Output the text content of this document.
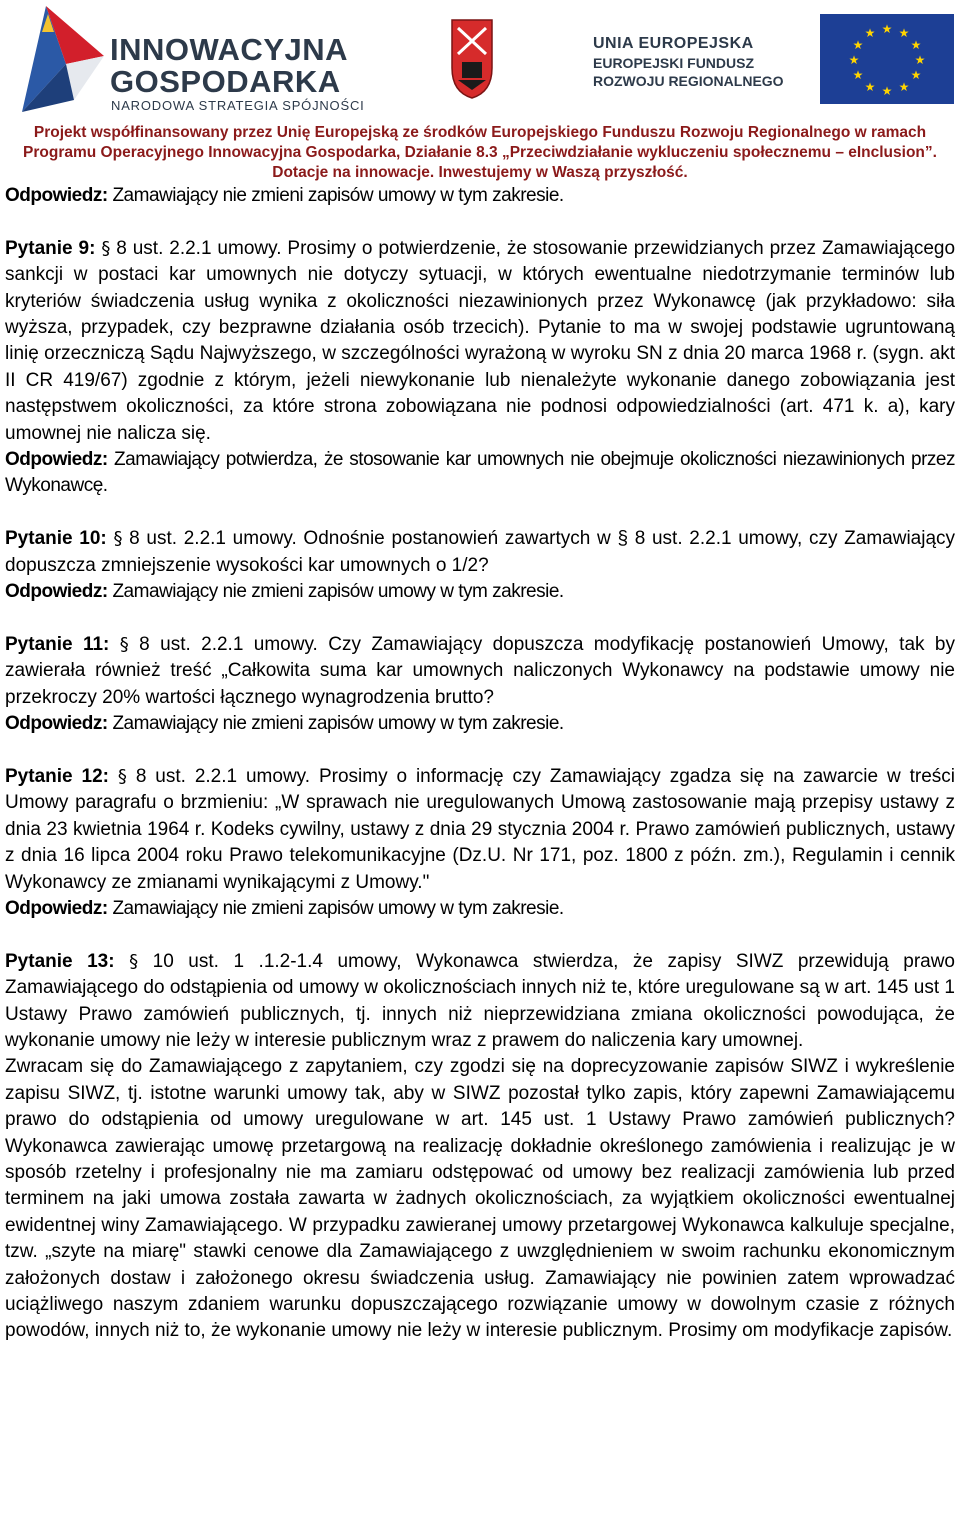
INNOWACYJNA
GOSPODARKA
NARODOWA STRATEGIA SPÓJNOŚCI
UNIA EUROPEJSKA
EUROPEJSKI FUNDUSZ
ROZWOJU REGIONALNEGO
★ ★
★
★
★
★
★
★
★
★
★
★
Projekt współfinansowany przez Unię Europejską ze środków Europejskiego Funduszu Rozwoju Regionalnego w ramach
Programu Operacyjnego Innowacyjna Gospodarka, Działanie 8.3 „Przeciwdziałanie wykluczeniu społecznemu – eInclusion”.
Dotacje na innowacje. Inwestujemy w Waszą przyszłość.

Odpowiedz: Zamawiający nie zmieni zapisów umowy w tym zakresie.

Pytanie 9: § 8 ust. 2.2.1 umowy. Prosimy o potwierdzenie, że stosowanie przewidzianych przez Zamawiającego sankcji w postaci kar umownych nie dotyczy sytuacji, w których ewentualne niedotrzymanie terminów lub kryteriów świadczenia usług wynika z okoliczności niezawinionych przez Wykonawcę (jak przykładowo: siła wyższa, przypadek, czy bezprawne działania osób trzecich). Pytanie to ma w swojej podstawie ugruntowaną linię orzeczniczą Sądu Najwyższego, w szczególności wyrażoną w wyroku SN z dnia 20 marca 1968 r. (sygn. akt II CR 419/67) zgodnie z którym, jeżeli niewykonanie lub nienależyte wykonanie danego zobowiązania jest następstwem okoliczności, za które strona zobowiązana nie podnosi odpowiedzialności (art. 471 k. a), kary umownej nie nalicza się.

Odpowiedz: Zamawiający potwierdza, że stosowanie kar umownych nie obejmuje okoliczności niezawinionych przez Wykonawcę.

Pytanie 10: § 8 ust. 2.2.1 umowy. Odnośnie postanowień zawartych w § 8 ust. 2.2.1 umowy, czy Zamawiający dopuszcza zmniejszenie wysokości kar umownych o 1/2?

Odpowiedz: Zamawiający nie zmieni zapisów umowy w tym zakresie.

Pytanie 11: § 8 ust. 2.2.1 umowy. Czy Zamawiający dopuszcza modyfikację postanowień Umowy, tak by zawierała również treść „Całkowita suma kar umownych naliczonych Wykonawcy na podstawie umowy nie przekroczy 20% wartości łącznego wynagrodzenia brutto?

Odpowiedz: Zamawiający nie zmieni zapisów umowy w tym zakresie.

Pytanie 12: § 8 ust. 2.2.1 umowy. Prosimy o informację czy Zamawiający zgadza się na zawarcie w treści Umowy paragrafu o brzmieniu: „W sprawach nie uregulowanych Umową zastosowanie mają przepisy ustawy z dnia 23 kwietnia 1964 r. Kodeks cywilny, ustawy z dnia 29 stycznia 2004 r. Prawo zamówień publicznych, ustawy z dnia 16 lipca 2004 roku Prawo telekomunikacyjne (Dz.U. Nr 171, poz. 1800 z późn. zm.), Regulamin i cennik Wykonawcy ze zmianami wynikającymi z Umowy."

Odpowiedz: Zamawiający nie zmieni zapisów umowy w tym zakresie.

Pytanie 13: § 10 ust. 1 .1.2-1.4 umowy, Wykonawca stwierdza, że zapisy SIWZ przewidują prawo Zamawiającego do odstąpienia od umowy w okolicznościach innych niż te, które uregulowane są w art. 145 ust 1 Ustawy Prawo zamówień publicznych, tj. innych niż nieprzewidziana zmiana okoliczności powodująca, że wykonanie umowy nie leży w interesie publicznym wraz z prawem do naliczenia kary umownej.

Zwracam się do Zamawiającego z zapytaniem, czy zgodzi się na doprecyzowanie zapisów SIWZ i wykreślenie zapisu SIWZ, tj. istotne warunki umowy tak, aby w SIWZ pozostał tylko zapis, który zapewni Zamawiającemu prawo do odstąpienia od umowy uregulowane w art. 145 ust. 1 Ustawy Prawo zamówień publicznych? Wykonawca zawierając umowę przetargową na realizację dokładnie określonego zamówienia i realizując je w sposób rzetelny i profesjonalny nie ma zamiaru odstępować od umowy bez realizacji zamówienia lub przed terminem na jaki umowa została zawarta w żadnych okolicznościach, za wyjątkiem okoliczności ewentualnej ewidentnej winy Zamawiającego. W przypadku zawieranej umowy przetargowej Wykonawca kalkuluje specjalne, tzw. „szyte na miarę" stawki cenowe dla Zamawiającego z uwzględnieniem w swoim rachunku ekonomicznym założonych dostaw i założonego okresu świadczenia usług. Zamawiający nie powinien zatem wprowadzać uciążliwego naszym zdaniem warunku dopuszczającego rozwiązanie umowy w dowolnym czasie z różnych powodów, innych niż to, że wykonanie umowy nie leży w interesie publicznym. Prosimy om modyfikacje zapisów.
